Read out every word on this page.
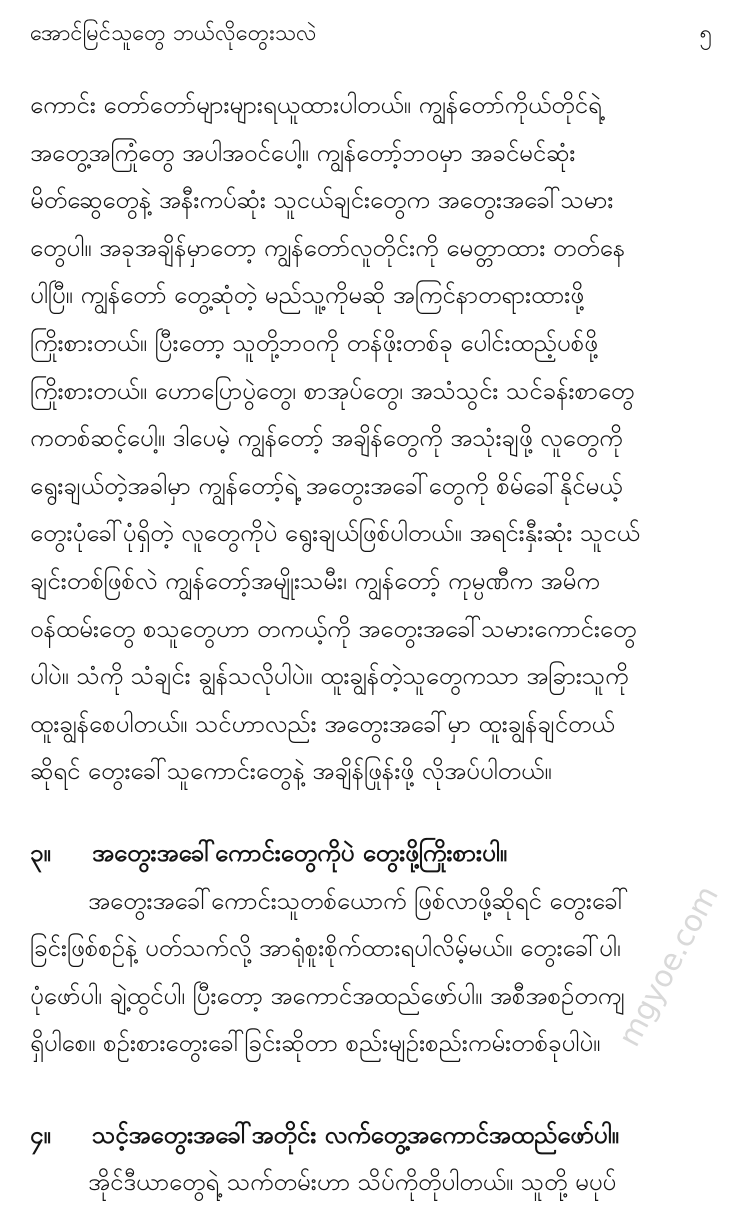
အောင်မြင်သူတွေ ဘယ်လိုတွေးသလဲ	၅
ကောင်း တော်တော်များများရယူထားပါတယ်။ ကျွန်တော်ကိုယ်တိုင်ရဲ့
အတွေ့အကြုံတွေ အပါအဝင်ပေါ့။ ကျွန်တော့်ဘဝမှာ အခင်မင်ဆုံး
မိတ်ဆွေတွေနဲ့ အနီးကပ်ဆုံး သူငယ်ချင်းတွေက အတွေးအခေါ်သမား
တွေပါ။ အခုအချိန်မှာတော့ ကျွန်တော်လူတိုင်းကို မေတ္တာထား တတ်နေ
ပါပြီ။ ကျွန်တော် တွေ့ဆုံတဲ့ မည်သူ့ကိုမဆို အကြင်နာတရားထားဖို့
ကြိုးစားတယ်။ ပြီးတော့ သူတို့ဘဝကို တန်ဖိုးတစ်ခု ပေါင်းထည့်ပစ်ဖို့
ကြိုးစားတယ်။ ဟောပြောပွဲတွေ၊ စာအုပ်တွေ၊ အသံသွင်း သင်ခန်းစာတွေ
ကတစ်ဆင့်ပေါ့။ ဒါပေမဲ့ ကျွန်တော့် အချိန်တွေကို အသုံးချဖို့ လူတွေကို
ရွေးချယ်တဲ့အခါမှာ ကျွန်တော့်ရဲ့ အတွေးအခေါ်တွေကို စိမ်ခေါ်နိုင်မယ့်
တွေးပုံခေါ်ပုံရှိတဲ့ လူတွေကိုပဲ ရွေးချယ်ဖြစ်ပါတယ်။ အရင်းနှီးဆုံး သူငယ်
ချင်းတစ်ဖြစ်လဲ ကျွန်တော့်အမျိုးသမီး၊ ကျွန်တော့် ကုမ္ပဏီက အမိက
ဝန်ထမ်းတွေ စသူတွေဟာ တကယ့်ကို အတွေးအခေါ်သမားကောင်းတွေ
ပါပဲ။ သံကို သံချင်း ချွန်သလိုပါပဲ။ ထူးချွန်တဲ့သူတွေကသာ အခြားသူကို
ထူးချွန်စေပါတယ်။ သင်ဟာလည်း အတွေးအခေါ်မှာ ထူးချွန်ချင်တယ်
ဆိုရင် တွေးခေါ်သူကောင်းတွေနဲ့ အချိန်ဖြုန်းဖို့ လိုအပ်ပါတယ်။
၃။ အတွေးအခေါ်ကောင်းတွေကိုပဲ တွေးဖို့ကြိုးစားပါ။
အတွေးအခေါ်ကောင်းသူတစ်ယောက် ဖြစ်လာဖို့ဆိုရင် တွေးခေါ်
ခြင်းဖြစ်စဉ်နဲ့ ပတ်သက်လို့ အာရုံစူးစိုက်ထားရပါလိမ့်မယ်။ တွေးခေါ်ပါ၊
ပုံဖော်ပါ၊ ချဲ့ထွင်ပါ၊ ပြီးတော့ အကောင်အထည်ဖော်ပါ။ အစီအစဉ်တကျ
ရှိပါစေ။ စဉ်းစားတွေးခေါ်ခြင်းဆိုတာ စည်းမျဉ်းစည်းကမ်းတစ်ခုပါပဲ။
၄။ သင့်အတွေးအခေါ်အတိုင်း လက်တွေ့အကောင်အထည်ဖော်ပါ။
အိုင်ဒီယာတွေရဲ့ သက်တမ်းဟာ သိပ်ကိုတိုပါတယ်။ သူတို့ မပုပ်
mgyoe.com
